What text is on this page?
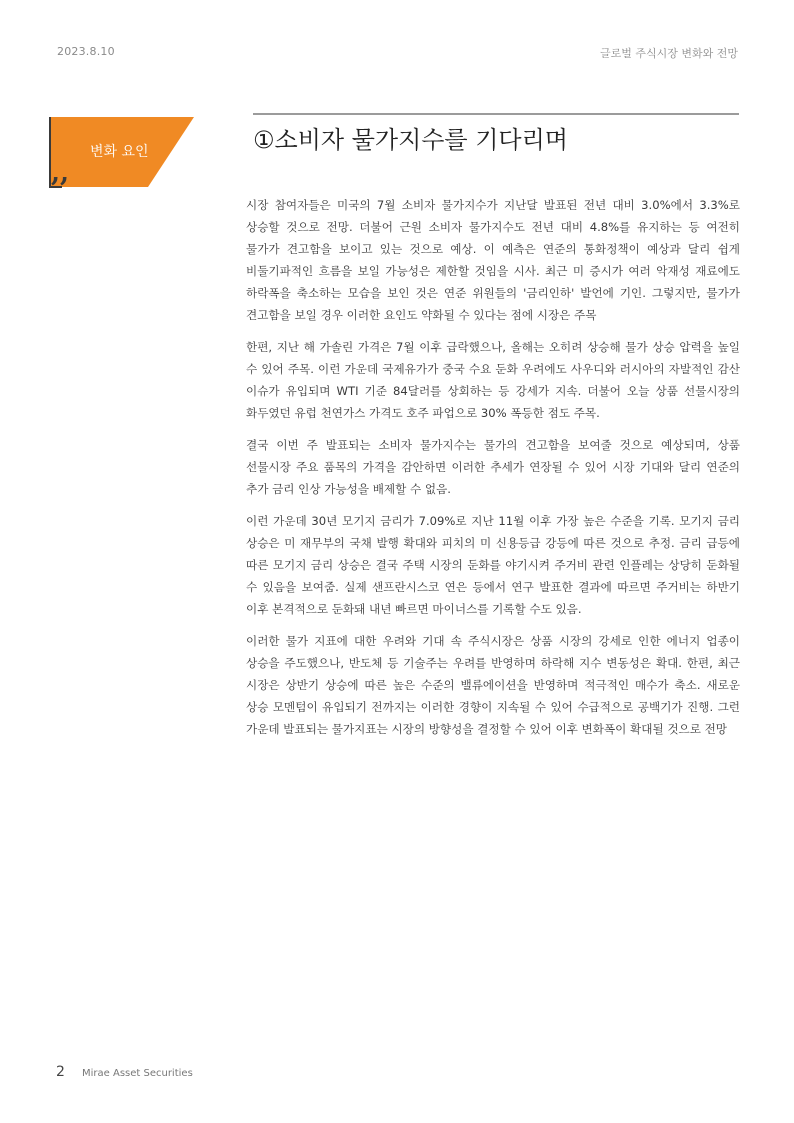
2023.8.10	글로벌 주식시장 변화와 전망
,,
변화 요인	①소비자 물가지수를 기다리며

시장 참여자들은 미국의 7월 소비자 물가지수가 지난달 발표된 전년 대비 3.0%에서 3.3%로 상승할 것으로 전망. 더불어 근원 소비자 물가지수도 전년 대비 4.8%를 유지하는 등 여전히 물가가 견고함을 보이고 있는 것으로 예상. 이 예측은 연준의 통화정책이 예상과 달리 쉽게 비둘기파적인 흐름을 보일 가능성은 제한할 것임을 시사. 최근 미 증시가 여러 악재성 재료에도 하락폭을 축소하는 모습을 보인 것은 연준 위원들의 '금리인하' 발언에 기인. 그렇지만, 물가가 견고함을 보일 경우 이러한 요인도 약화될 수 있다는 점에 시장은 주목

한편, 지난 해 가솔린 가격은 7월 이후 급락했으나, 올해는 오히려 상승해 물가 상승 압력을 높일 수 있어 주목. 이런 가운데 국제유가가 중국 수요 둔화 우려에도 사우디와 러시아의 자발적인 감산 이슈가 유입되며 WTI 기준 84달러를 상회하는 등 강세가 지속. 더불어 오늘 상품 선물시장의 화두였던 유럽 천연가스 가격도 호주 파업으로 30% 폭등한 점도 주목.

결국 이번 주 발표되는 소비자 물가지수는 물가의 견고함을 보여줄 것으로 예상되며, 상품 선물시장 주요 품목의 가격을 감안하면 이러한 추세가 연장될 수 있어 시장 기대와 달리 연준의 추가 금리 인상 가능성을 배제할 수 없음.

이런 가운데 30년 모기지 금리가 7.09%로 지난 11월 이후 가장 높은 수준을 기록. 모기지 금리 상승은 미 재무부의 국채 발행 확대와 피치의 미 신용등급 강등에 따른 것으로 추정. 금리 급등에 따른 모기지 금리 상승은 결국 주택 시장의 둔화를 야기시켜 주거비 관련 인플레는 상당히 둔화될 수 있음을 보여줌. 실제 샌프란시스코 연은 등에서 연구 발표한 결과에 따르면 주거비는 하반기 이후 본격적으로 둔화돼 내년 빠르면 마이너스를 기록할 수도 있음.

이러한 물가 지표에 대한 우려와 기대 속 주식시장은 상품 시장의 강세로 인한 에너지 업종이 상승을 주도했으나, 반도체 등 기술주는 우려를 반영하며 하락해 지수 변동성은 확대. 한편, 최근 시장은 상반기 상승에 따른 높은 수준의 밸류에이션을 반영하며 적극적인 매수가 축소. 새로운 상승 모멘텀이 유입되기 전까지는 이러한 경향이 지속될 수 있어 수급적으로 공백기가 진행. 그런 가운데 발표되는 물가지표는 시장의 방향성을 결정할 수 있어 이후 변화폭이 확대될 것으로 전망

2 Mirae Asset Securities
